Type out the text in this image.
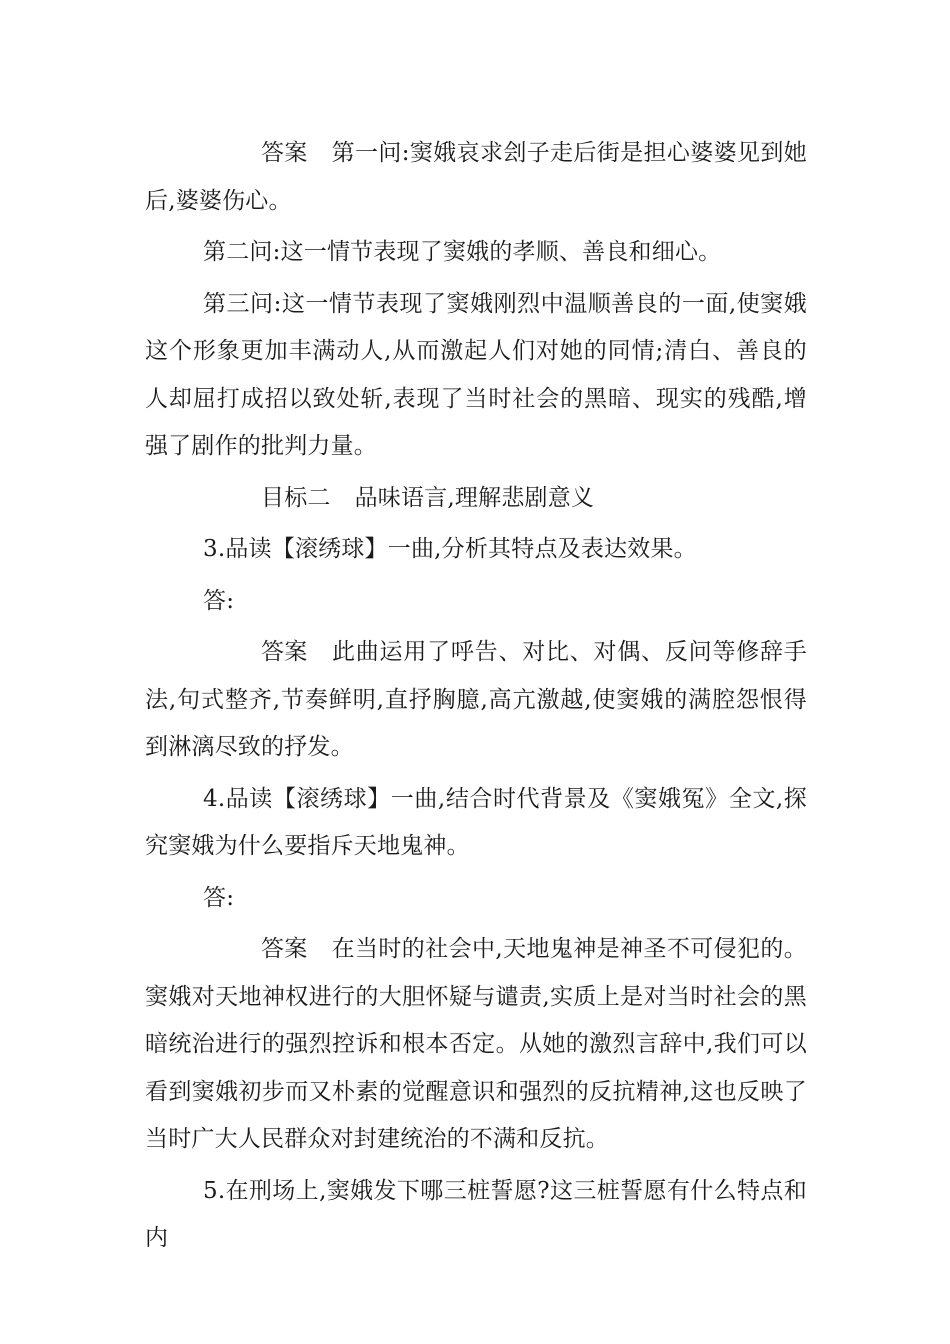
答案 第一问:窦娥哀求刽子走后街是担心婆婆见到她后,婆婆伤心。

第二问:这一情节表现了窦娥的孝顺、善良和细心。

第三问:这一情节表现了窦娥刚烈中温顺善良的一面,使窦娥这个形象更加丰满动人,从而激起人们对她的同情;清白、善良的人却屈打成招以致处斩,表现了当时社会的黑暗、现实的残酷,增强了剧作的批判力量。

目标二 品味语言,理解悲剧意义

3.品读【滚绣球】一曲,分析其特点及表达效果。

答:

答案 此曲运用了呼告、对比、对偶、反问等修辞手法,句式整齐,节奏鲜明,直抒胸臆,高亢激越,使窦娥的满腔怨恨得到淋漓尽致的抒发。

4.品读【滚绣球】一曲,结合时代背景及《窦娥冤》全文,探究窦娥为什么要指斥天地鬼神。

答:

答案 在当时的社会中,天地鬼神是神圣不可侵犯的。窦娥对天地神权进行的大胆怀疑与谴责,实质上是对当时社会的黑暗统治进行的强烈控诉和根本否定。从她的激烈言辞中,我们可以看到窦娥初步而又朴素的觉醒意识和强烈的反抗精神,这也反映了当时广大人民群众对封建统治的不满和反抗。

5.在刑场上,窦娥发下哪三桩誓愿?这三桩誓愿有什么特点和内
